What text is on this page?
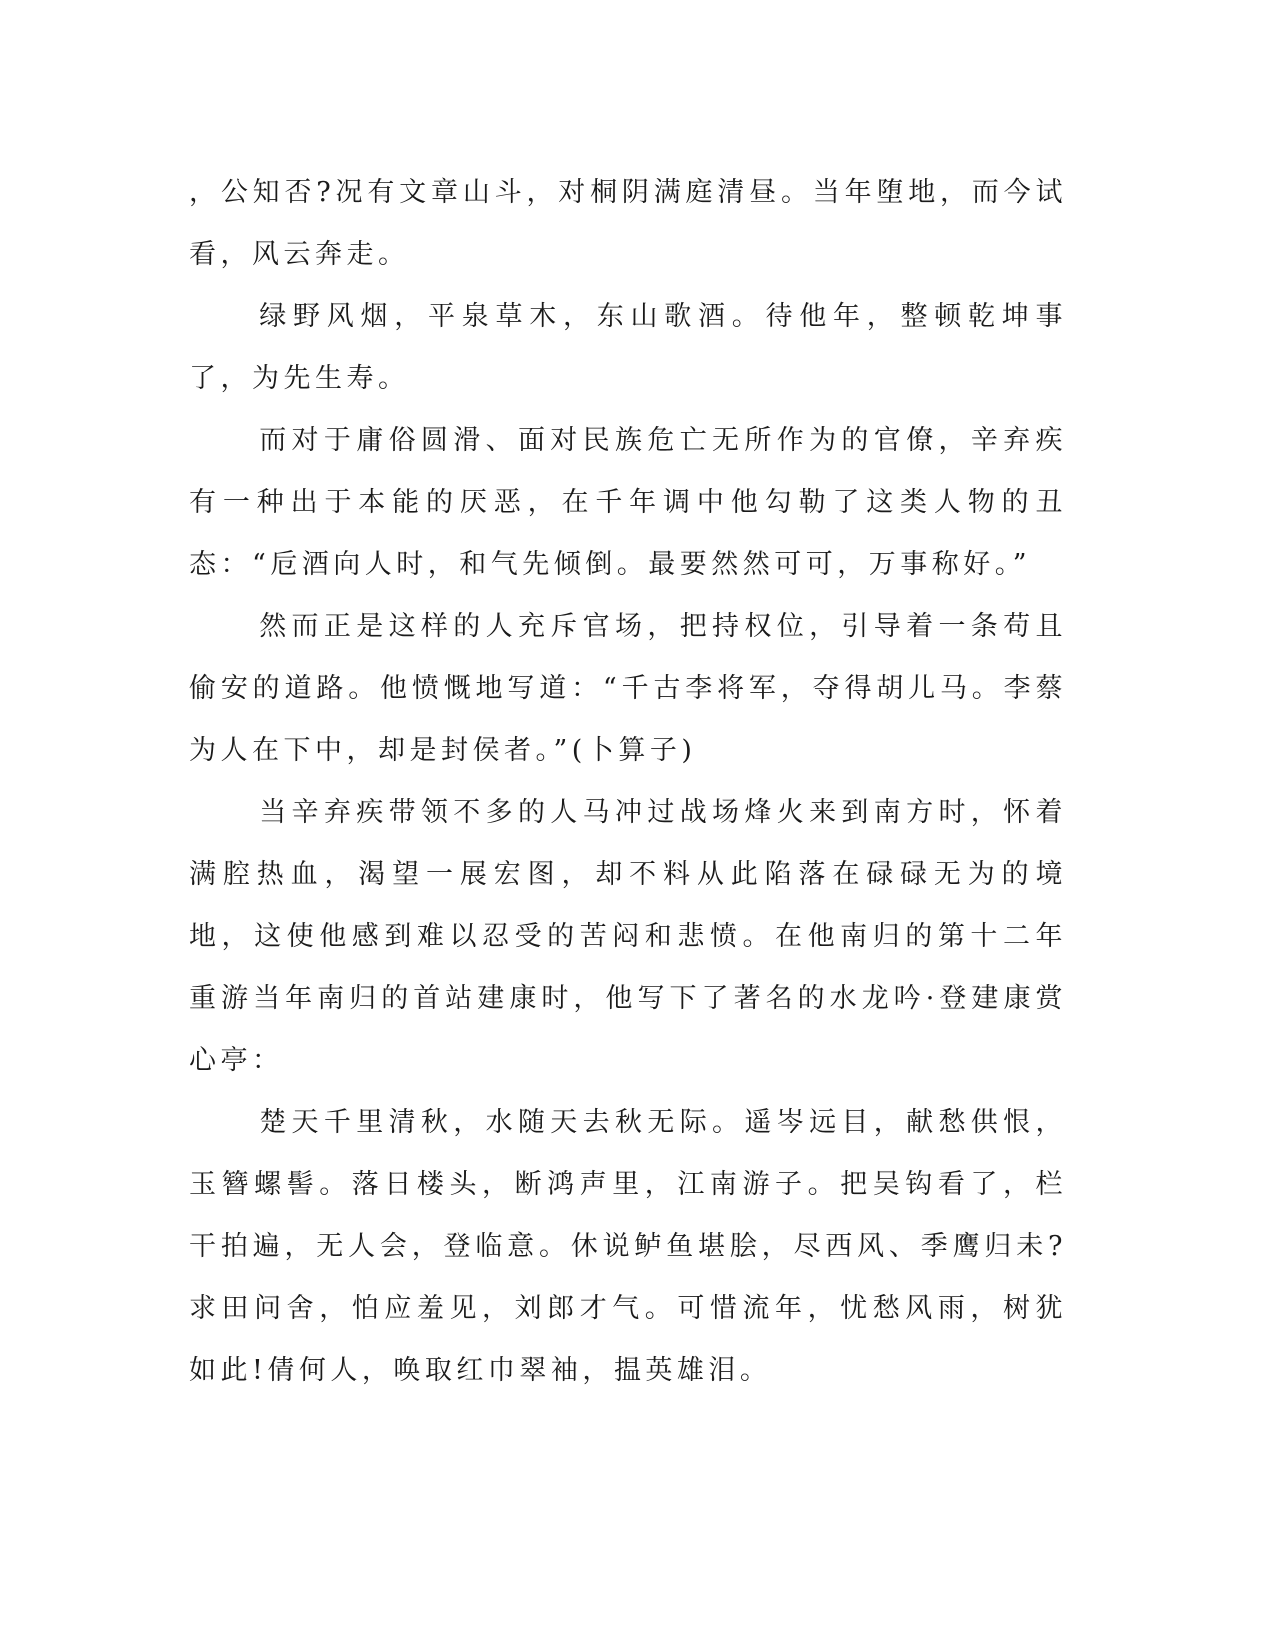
，公知否?况有文章山斗，对桐阴满庭清昼。当年堕地，而今试看，风云奔走。

绿野风烟，平泉草木，东山歌酒。待他年，整顿乾坤事了，为先生寿。

而对于庸俗圆滑、面对民族危亡无所作为的官僚，辛弃疾有一种出于本能的厌恶，在千年调中他勾勒了这类人物的丑态：“卮酒向人时，和气先倾倒。最要然然可可，万事称好。”

然而正是这样的人充斥官场，把持权位，引导着一条苟且偷安的道路。他愤慨地写道：“千古李将军，夺得胡儿马。李蔡为人在下中，却是封侯者。”(卜算子)

当辛弃疾带领不多的人马冲过战场烽火来到南方时，怀着满腔热血，渴望一展宏图，却不料从此陷落在碌碌无为的境地，这使他感到难以忍受的苦闷和悲愤。在他南归的第十二年重游当年南归的首站建康时，他写下了著名的水龙吟·登建康赏心亭：

楚天千里清秋，水随天去秋无际。遥岑远目，献愁供恨，玉簪螺髻。落日楼头，断鸿声里，江南游子。把吴钩看了，栏干拍遍，无人会，登临意。休说鲈鱼堪脍，尽西风、季鹰归未?求田问舍，怕应羞见，刘郎才气。可惜流年，忧愁风雨，树犹如此!倩何人，唤取红巾翠袖，揾英雄泪。
